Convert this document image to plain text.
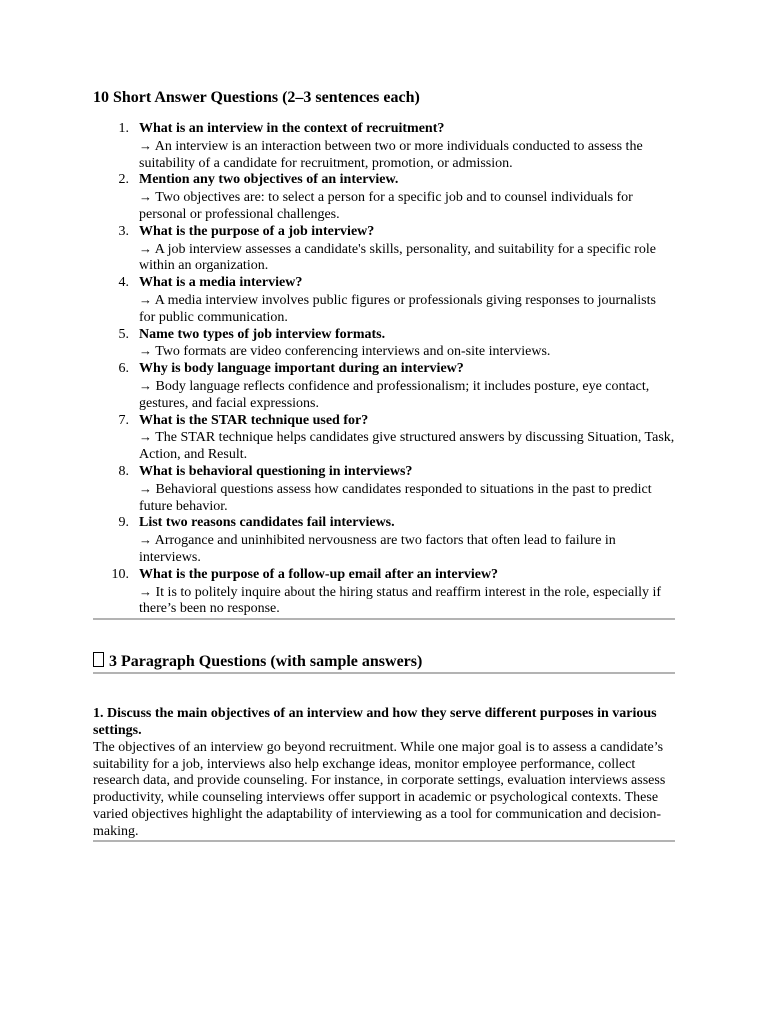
10 Short Answer Questions (2–3 sentences each)
1. What is an interview in the context of recruitment?
→ An interview is an interaction between two or more individuals conducted to assess the suitability of a candidate for recruitment, promotion, or admission.
2. Mention any two objectives of an interview.
→ Two objectives are: to select a person for a specific job and to counsel individuals for personal or professional challenges.
3. What is the purpose of a job interview?
→ A job interview assesses a candidate's skills, personality, and suitability for a specific role within an organization.
4. What is a media interview?
→ A media interview involves public figures or professionals giving responses to journalists for public communication.
5. Name two types of job interview formats.
→ Two formats are video conferencing interviews and on-site interviews.
6. Why is body language important during an interview?
→ Body language reflects confidence and professionalism; it includes posture, eye contact, gestures, and facial expressions.
7. What is the STAR technique used for?
→ The STAR technique helps candidates give structured answers by discussing Situation, Task, Action, and Result.
8. What is behavioral questioning in interviews?
→ Behavioral questions assess how candidates responded to situations in the past to predict future behavior.
9. List two reasons candidates fail interviews.
→ Arrogance and uninhibited nervousness are two factors that often lead to failure in interviews.
10. What is the purpose of a follow-up email after an interview?
→ It is to politely inquire about the hiring status and reaffirm interest in the role, especially if there’s been no response.
3 Paragraph Questions (with sample answers)
1. Discuss the main objectives of an interview and how they serve different purposes in various settings.
The objectives of an interview go beyond recruitment. While one major goal is to assess a candidate’s suitability for a job, interviews also help exchange ideas, monitor employee performance, collect research data, and provide counseling. For instance, in corporate settings, evaluation interviews assess productivity, while counseling interviews offer support in academic or psychological contexts. These varied objectives highlight the adaptability of interviewing as a tool for communication and decision-making.
